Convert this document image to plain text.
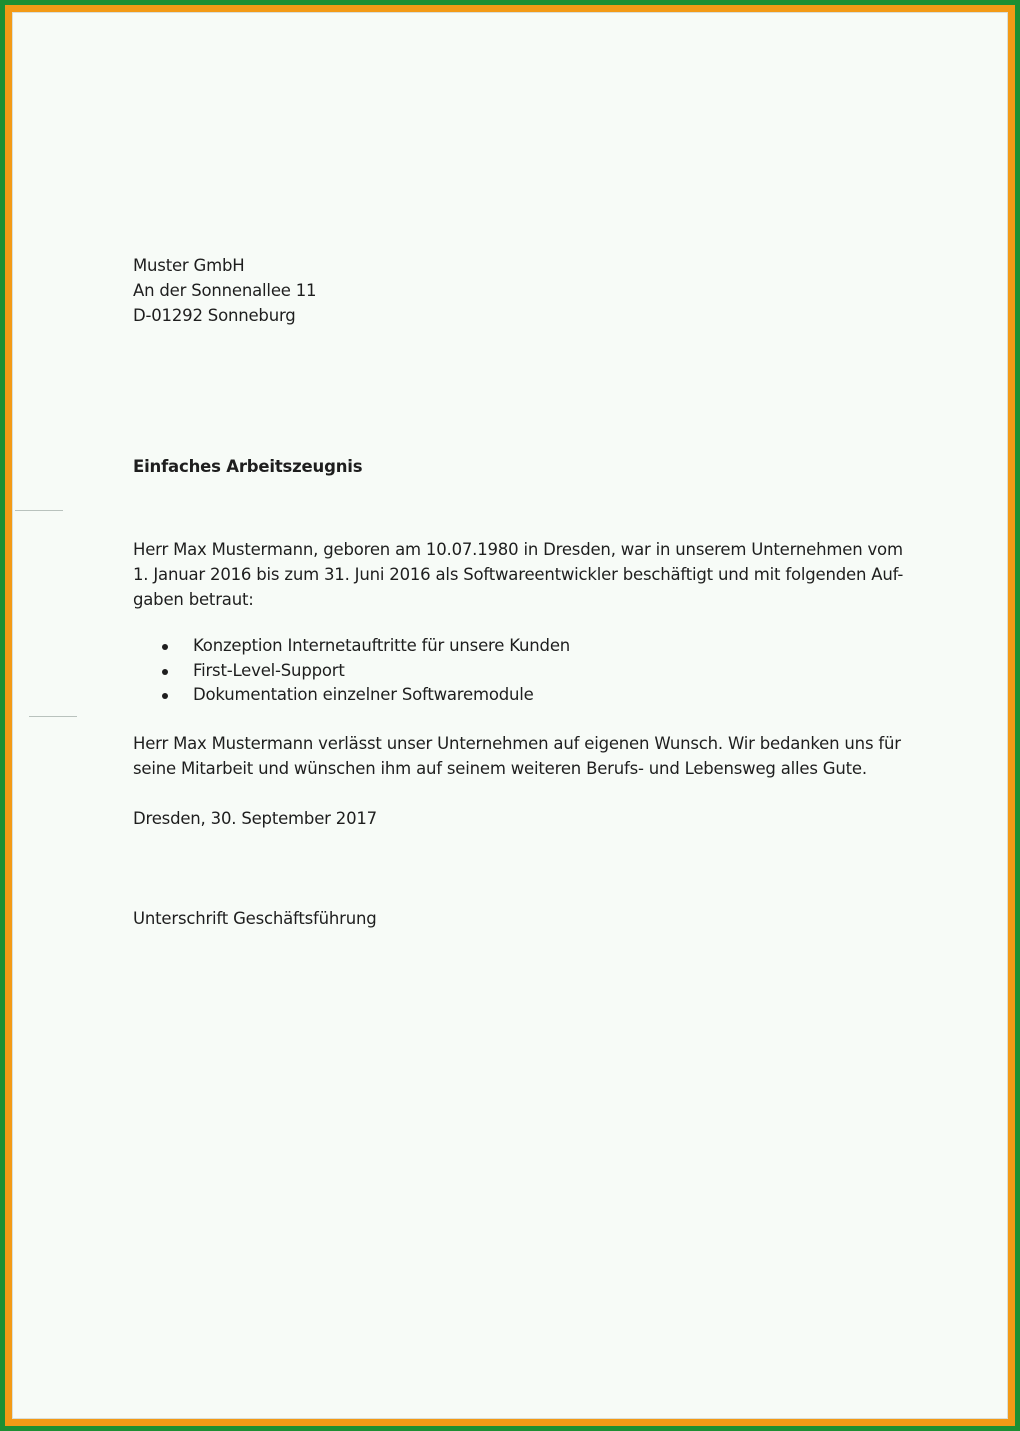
Muster GmbH
An der Sonnenallee 11
D-01292 Sonneburg
Einfaches Arbeitszeugnis
Herr Max Mustermann, geboren am 10.07.1980 in Dresden, war in unserem Unternehmen vom
1. Januar 2016 bis zum 31. Juni 2016 als Softwareentwickler beschäftigt und mit folgenden Auf-
gaben betraut:
Konzeption Internetauftritte für unsere Kunden
First-Level-Support
Dokumentation einzelner Softwaremodule
Herr Max Mustermann verlässt unser Unternehmen auf eigenen Wunsch. Wir bedanken uns für
seine Mitarbeit und wünschen ihm auf seinem weiteren Berufs- und Lebensweg alles Gute.
Dresden, 30. September 2017
Unterschrift Geschäftsführung
